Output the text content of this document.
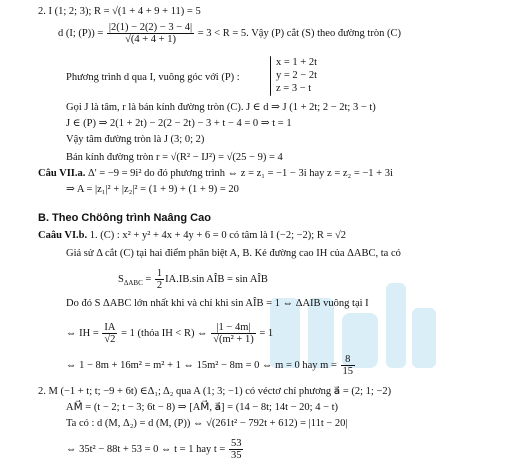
2. I (1; 2; 3); R = √(1 + 4 + 9 + 11) = 5
d (I; $(P)) = \frac{|2(1) - 2(2) - 3 - 4|}{√(4 + 4 + 1)} = 3 < R = 5$. Vậy (P) cắt (S) theo đường tròn (C)
Phương trình d qua I, vuông góc với (P) :
x = 1 + 2t
y = 2 − 2t
z = 3 − t
Gọi J là tâm, r là bán kính đường tròn (C). J ∈ d ⇒ J (1 + 2t; 2 − 2t; 3 − t)
J ∈ (P) ⇒ 2(1 + 2t) − 2(2 − 2t) − 3 + t − 4 = 0 ⇒ t = 1
Vậy tâm đường tròn là J (3; 0; 2)
Bán kính đường tròn r = √(R² − IJ²) = √(25 − 9) = 4
Câu VII.a. Δ' = −9 = 9i² do đó phương trình ⇔ z = z₁ = −1 − 3i hay z = z₂ = −1 + 3i
⇒ A = |z₁|² + |z₂|² = (1 + 9) + (1 + 9) = 20
B. Theo Chöông trình Naâng Cao
Caâu VI.b. 1. (C) : x² + y² + 4x + 4y + 6 = 0 có tâm là I (−2; −2); R = √2
Giả sử Δ cắt (C) tại hai điểm phân biệt A, B. Kẻ đường cao IH của ΔABC, ta có
$S_{\Delta ABC} = \frac{1}{2} IA.IB.\sin$ AÎB = sin AÎB
Do đó S ΔABC lớn nhất khi và chỉ khi sin AÎB = 1 ⇔ ΔAIB vuông tại I
⇔ IH = $\frac{IA}{√2} = 1$ (thỏa IH < R) ⇔ $\frac{|1 - 4m|}{\text{√(m² + 1)}} = 1$
⇔ 1 − 8m + 16m² = m² + 1 ⇔ 15m² − 8m = 0 ⇔ m = 0 hay $m = \frac{8}{15}$
2. M (−1 + t; t; −9 + 6t) ∈Δ₁; Δ₂ qua A (1; 3; −1) có véctơ chỉ phương a⃗ = (2; 1; −2)
AM⃗ = (t − 2; t − 3; 6t − 8) ⇒ [AM⃗, a⃗] = (14 − 8t; 14t − 20; 4 − t)
Ta có : d (M, Δ₂) = d (M, (P)) ⇔ √(261t² − 792t + 612) = |11t − 20|
⇔ 35t² − 88t + 53 = 0 ⇔ t = 1 hay $t = \frac{53}{35}$
